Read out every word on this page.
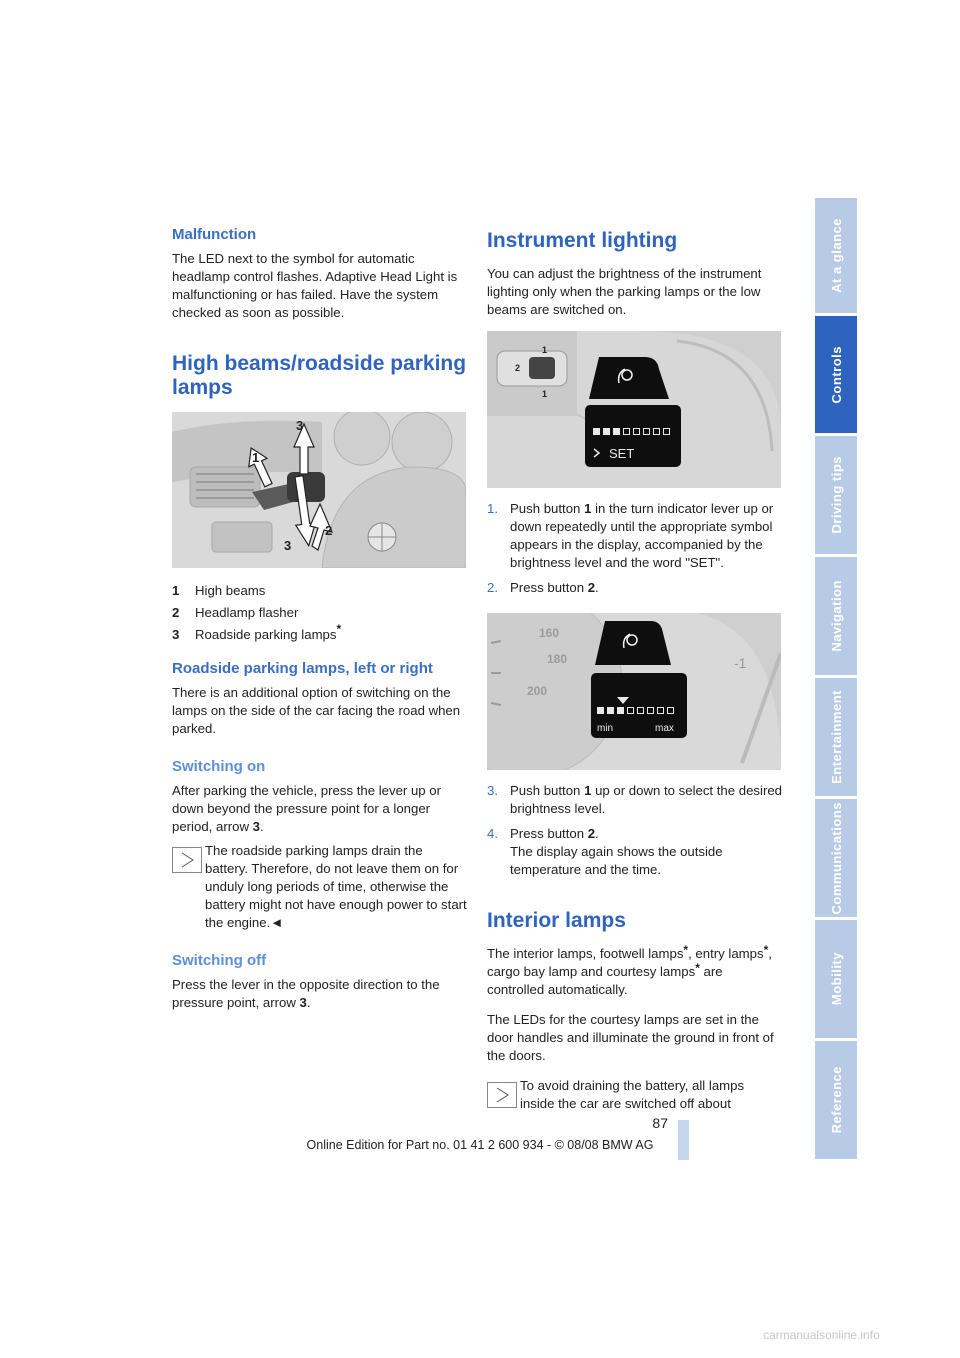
Malfunction

The LED next to the symbol for automatic headlamp control flashes. Adaptive Head Light is malfunctioning or has failed. Have the system checked as soon as possible.

High beams/roadside parking lamps
3
1
2
3
1 High beams
2 Headlamp flasher
3 Roadside parking lamps*
Roadside parking lamps, left or right

There is an additional option of switching on the lamps on the side of the car facing the road when parked.

Switching on

After parking the vehicle, press the lever up or down beyond the pressure point for a longer period, arrow 3.

The roadside parking lamps drain the battery. Therefore, do not leave them on for unduly long periods of time, otherwise the battery might not have enough power to start the engine.◄

Switching off

Press the lever in the opposite direction to the pressure point, arrow 3.

Instrument lighting

You can adjust the brightness of the instrument lighting only when the parking lamps or the low beams are switched on.

1
1
2
SET
1. Push button 1 in the turn indicator lever up or down repeatedly until the appropriate symbol appears in the display, accompanied by the brightness level and the word "SET".
2. Press button 2.
160
180
200
-1
min	max
3. Push button 1 up or down to select the desired brightness level.
4. Press button 2.
The display again shows the outside temperature and the time.
Interior lamps

The interior lamps, footwell lamps*, entry lamps*, cargo bay lamp and courtesy lamps* are controlled automatically.

The LEDs for the courtesy lamps are set in the door handles and illuminate the ground in front of the doors.

To avoid draining the battery, all lamps inside the car are switched off about

At a glance
Controls
Driving tips
Navigation
Entertainment
Communications
Mobility
Reference
87
Online Edition for Part no. 01 41 2 600 934 - © 08/08 BMW AG
carmanualsonline.info
